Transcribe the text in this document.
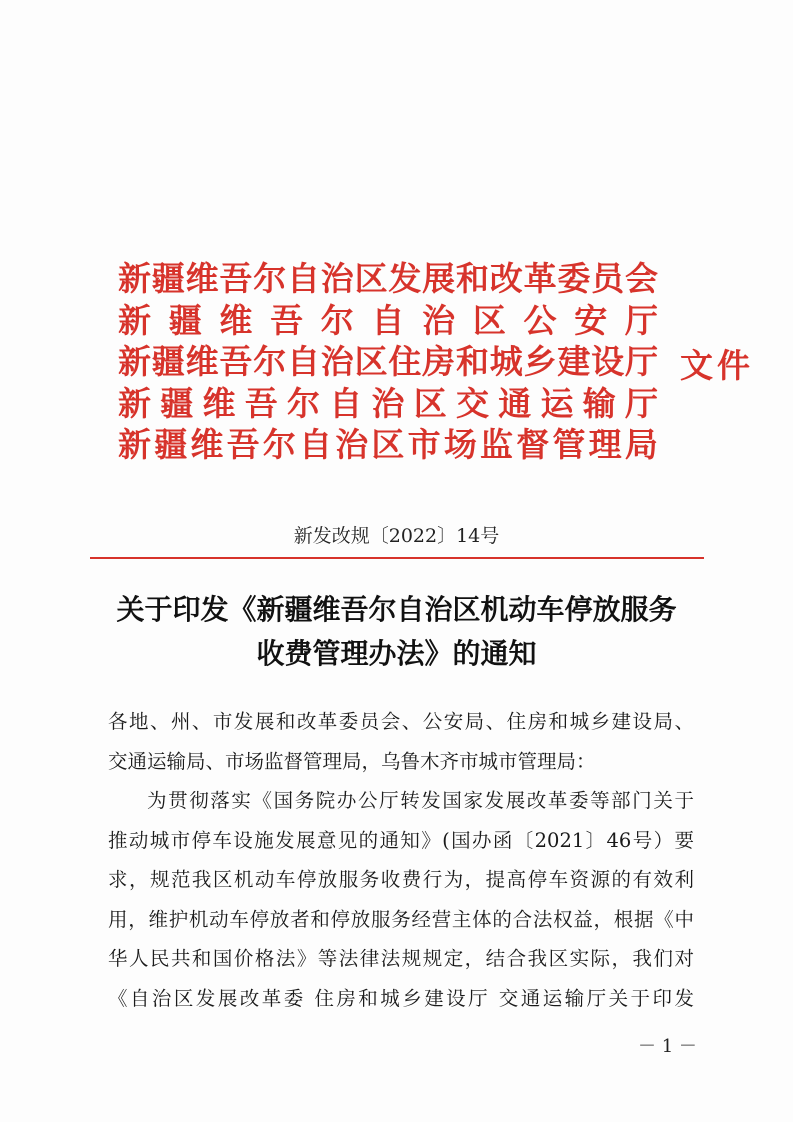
新 疆 维 吾 尔 自 治 区 发 展 和 改 革 委 员 会
新 疆 维 吾 尔 自 治 区 公 安 厅
新 疆 维 吾 尔 自 治 区 住 房 和 城 乡 建 设 厅
新 疆 维 吾 尔 自 治 区 交 通 运 输 厅
新 疆 维 吾 尔 自 治 区 市 场 监 督 管 理 局
文件
新发改规〔2022〕14号
关于印发《新疆维吾尔自治区机动车停放服务
收费管理办法》的通知
各地、州、市发展和改革委员会、公安局、住房和城乡建设局、
交通运输局、市场监督管理局，乌鲁木齐市城市管理局：
为贯彻落实《国务院办公厅转发国家发展改革委等部门关于
推动城市停车设施发展意见的通知》(国办函〔2021〕46号）要
求，规范我区机动车停放服务收费行为，提高停车资源的有效利
用，维护机动车停放者和停放服务经营主体的合法权益，根据《中
华人民共和国价格法》等法律法规规定，结合我区实际，我们对
《自治区发展改革委 住房和城乡建设厅 交通运输厅关于印发
－ 1 －
